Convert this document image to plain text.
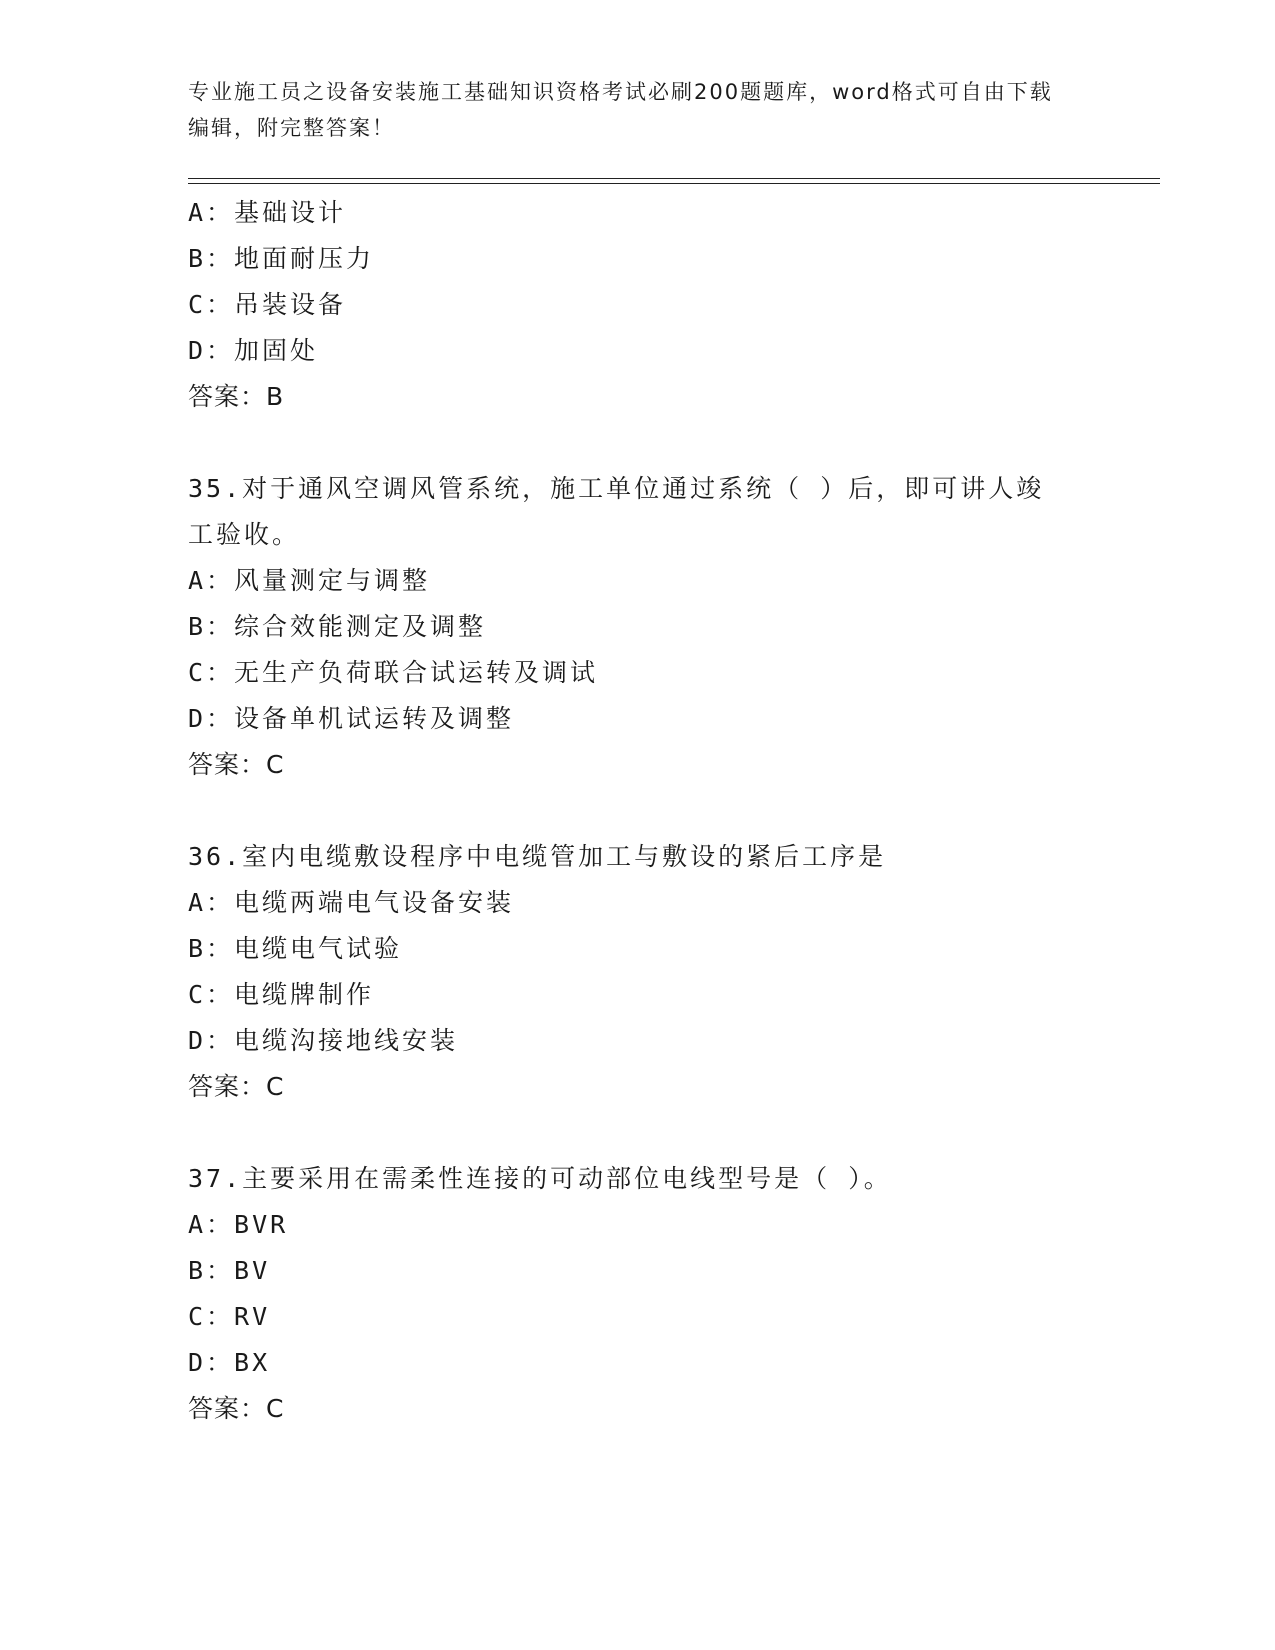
专业施工员之设备安装施工基础知识资格考试必刷200题题库，word格式可自由下载编辑，附完整答案！
A：基础设计
B：地面耐压力
C：吊装设备
D：加固处
答案：B
35.对于通风空调风管系统，施工单位通过系统（ ）后，即可讲人竣
工验收。
A：风量测定与调整
B：综合效能测定及调整
C：无生产负荷联合试运转及调试
D：设备单机试运转及调整
答案：C
36.室内电缆敷设程序中电缆管加工与敷设的紧后工序是
A：电缆两端电气设备安装
B：电缆电气试验
C：电缆牌制作
D：电缆沟接地线安装
答案：C
37.主要采用在需柔性连接的可动部位电线型号是（ ）。
A：BVR
B：BV
C：RV
D：BX
答案：C
